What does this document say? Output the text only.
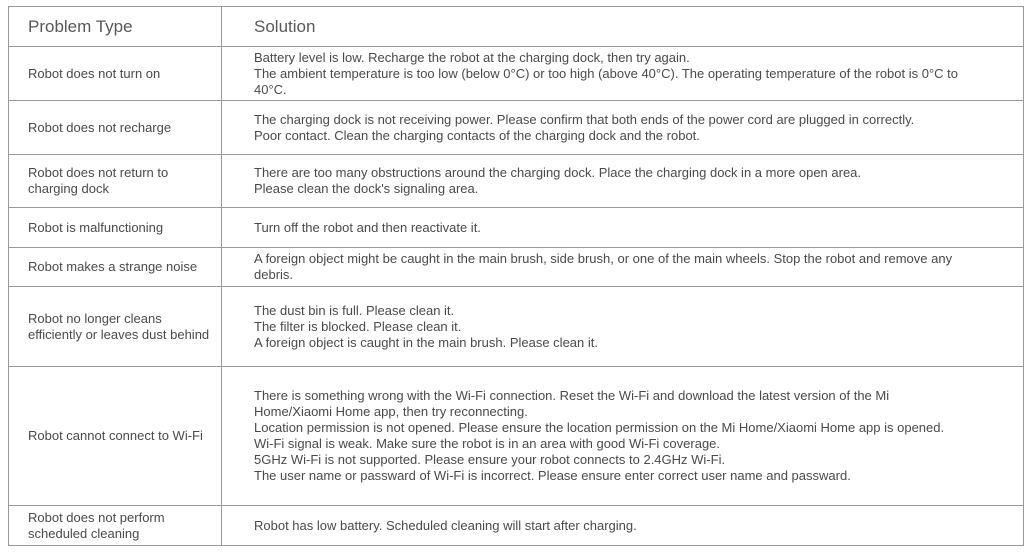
Problem Type	Solution
Robot does not turn on
Battery level is low. Recharge the robot at the charging dock, then try again.
The ambient temperature is too low (below 0°C) or too high (above 40°C). The operating temperature of the robot is 0°C to 40°C.
Robot does not recharge
The charging dock is not receiving power. Please confirm that both ends of the power cord are plugged in correctly.
Poor contact. Clean the charging contacts of the charging dock and the robot.
Robot does not return to charging dock
There are too many obstructions around the charging dock. Place the charging dock in a more open area.
Please clean the dock's signaling area.
Robot is malfunctioning	Turn off the robot and then reactivate it.
Robot makes a strange noise
A foreign object might be caught in the main brush, side brush, or one of the main wheels. Stop the robot and remove any debris.
Robot no longer cleans efficiently or leaves dust behind
The dust bin is full. Please clean it.
The filter is blocked. Please clean it.
A foreign object is caught in the main brush. Please clean it.
Robot cannot connect to Wi-Fi
There is something wrong with the Wi-Fi connection. Reset the Wi-Fi and download the latest version of the Mi Home/Xiaomi Home app, then try reconnecting.
Location permission is not opened. Please ensure the location permission on the Mi Home/Xiaomi Home app is opened.
Wi-Fi signal is weak. Make sure the robot is in an area with good Wi-Fi coverage.
5GHz Wi-Fi is not supported. Please ensure your robot connects to 2.4GHz Wi-Fi.
The user name or passward of Wi-Fi is incorrect. Please ensure enter correct user name and passward.
Robot does not perform scheduled cleaning
Robot has low battery. Scheduled cleaning will start after charging.
